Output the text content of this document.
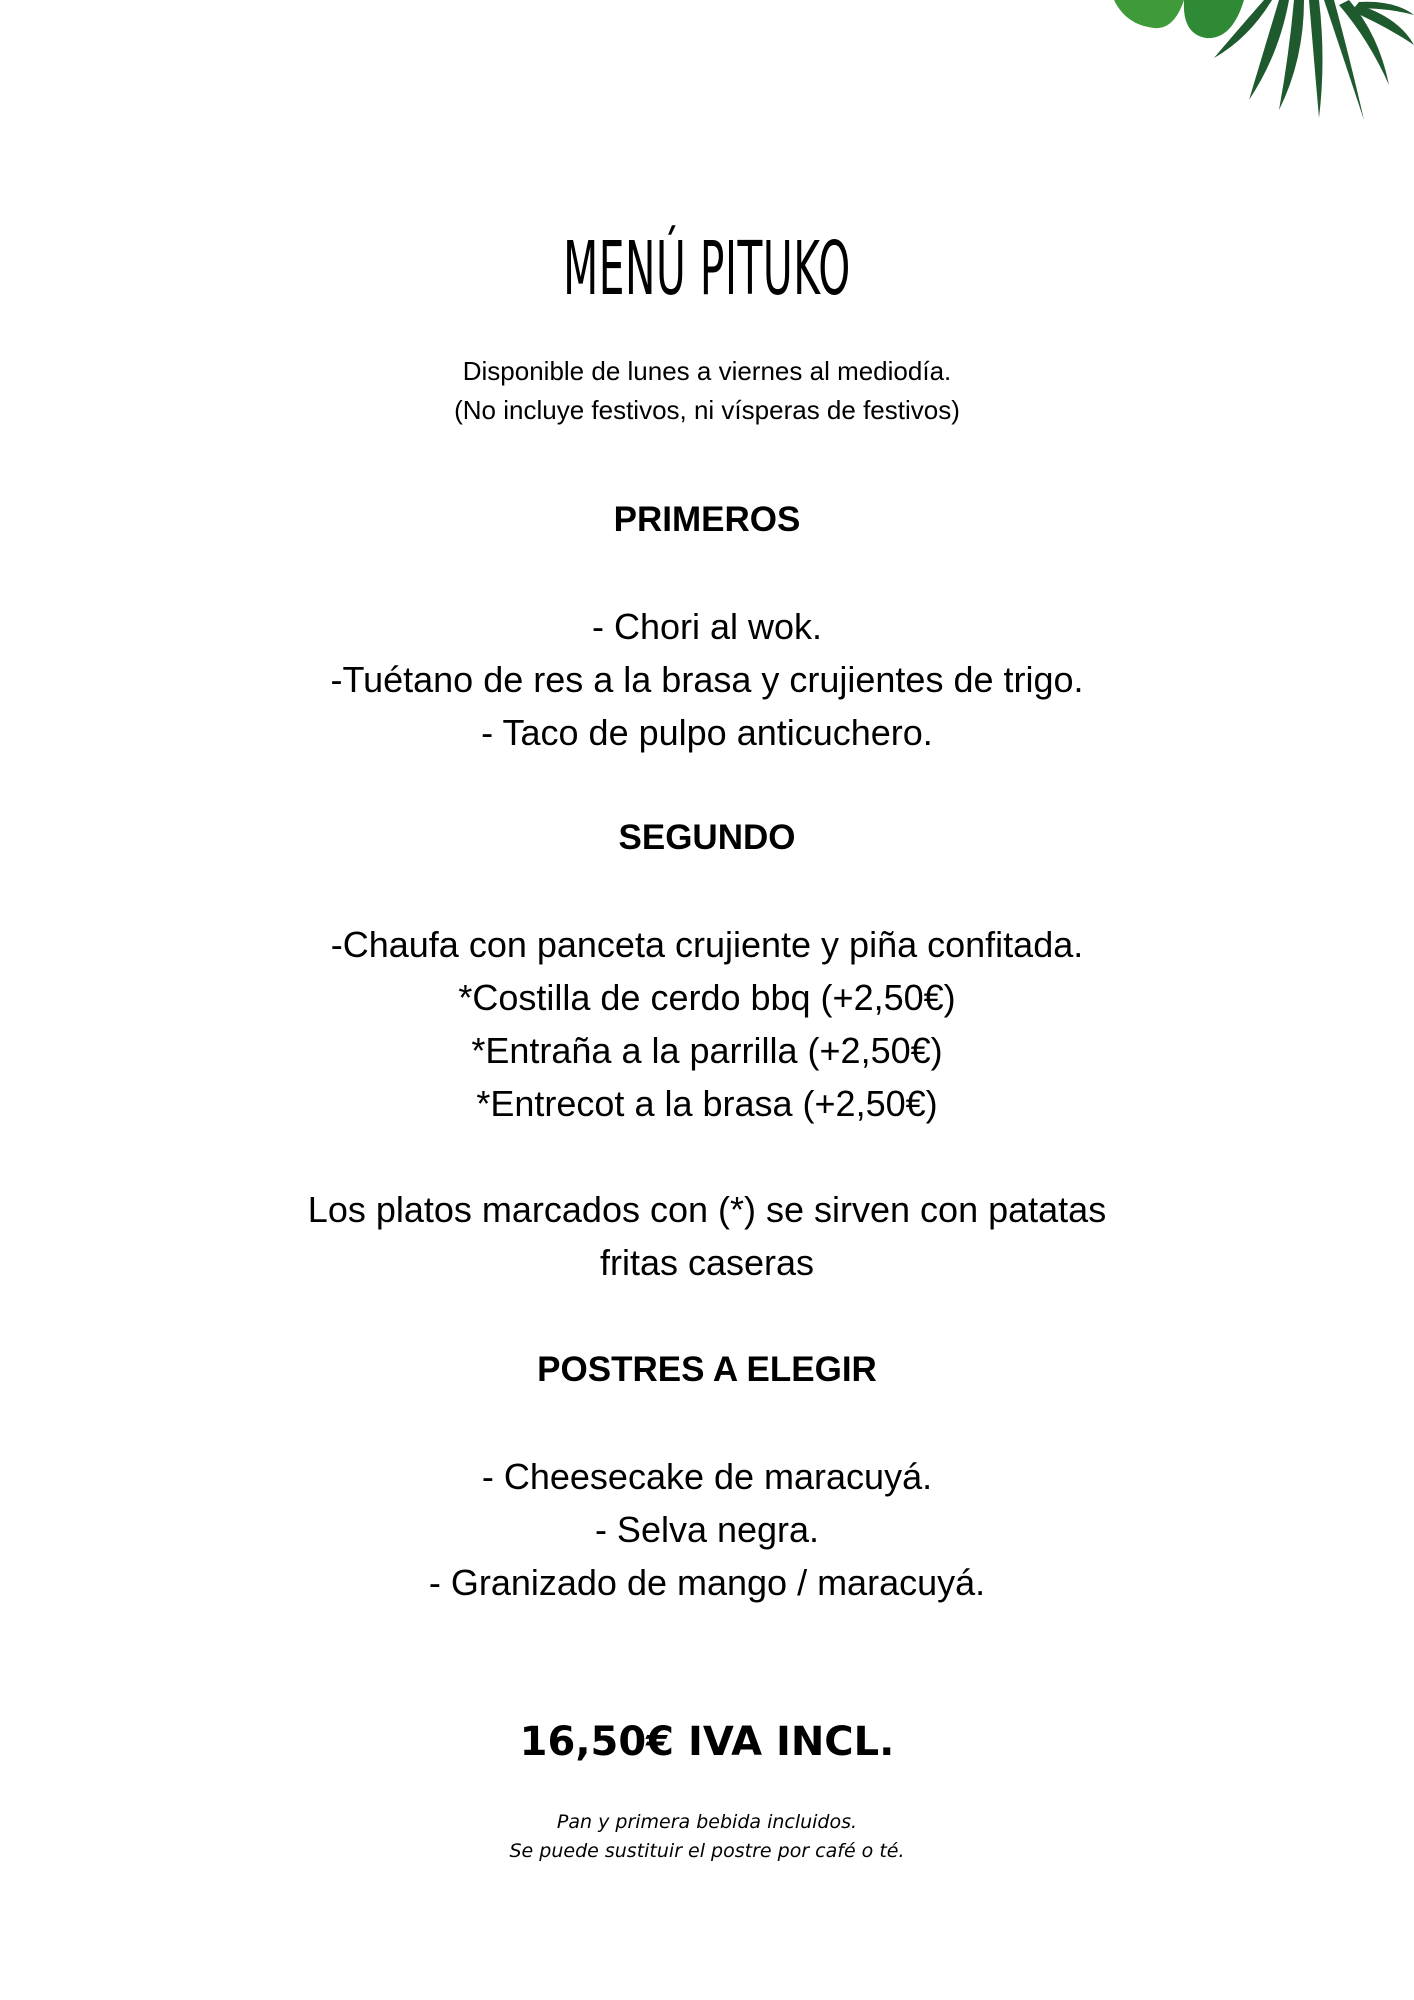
MENÚ PITUKO
Disponible de lunes a viernes al mediodía.
(No incluye festivos, ni vísperas de festivos)
PRIMEROS
- Chori al wok.
-Tuétano de res a la brasa y crujientes de trigo.
- Taco de pulpo anticuchero.
SEGUNDO
-Chaufa con panceta crujiente y piña confitada.
*Costilla de cerdo bbq (+2,50€)
*Entraña a la parrilla (+2,50€)
*Entrecot a la brasa (+2,50€)
Los platos marcados con (*) se sirven con patatas
fritas caseras
POSTRES A ELEGIR
- Cheesecake de maracuyá.
- Selva negra.
- Granizado de mango / maracuyá.
16,50€ IVA INCL.
Pan y primera bebida incluidos.
Se puede sustituir el postre por café o té.
